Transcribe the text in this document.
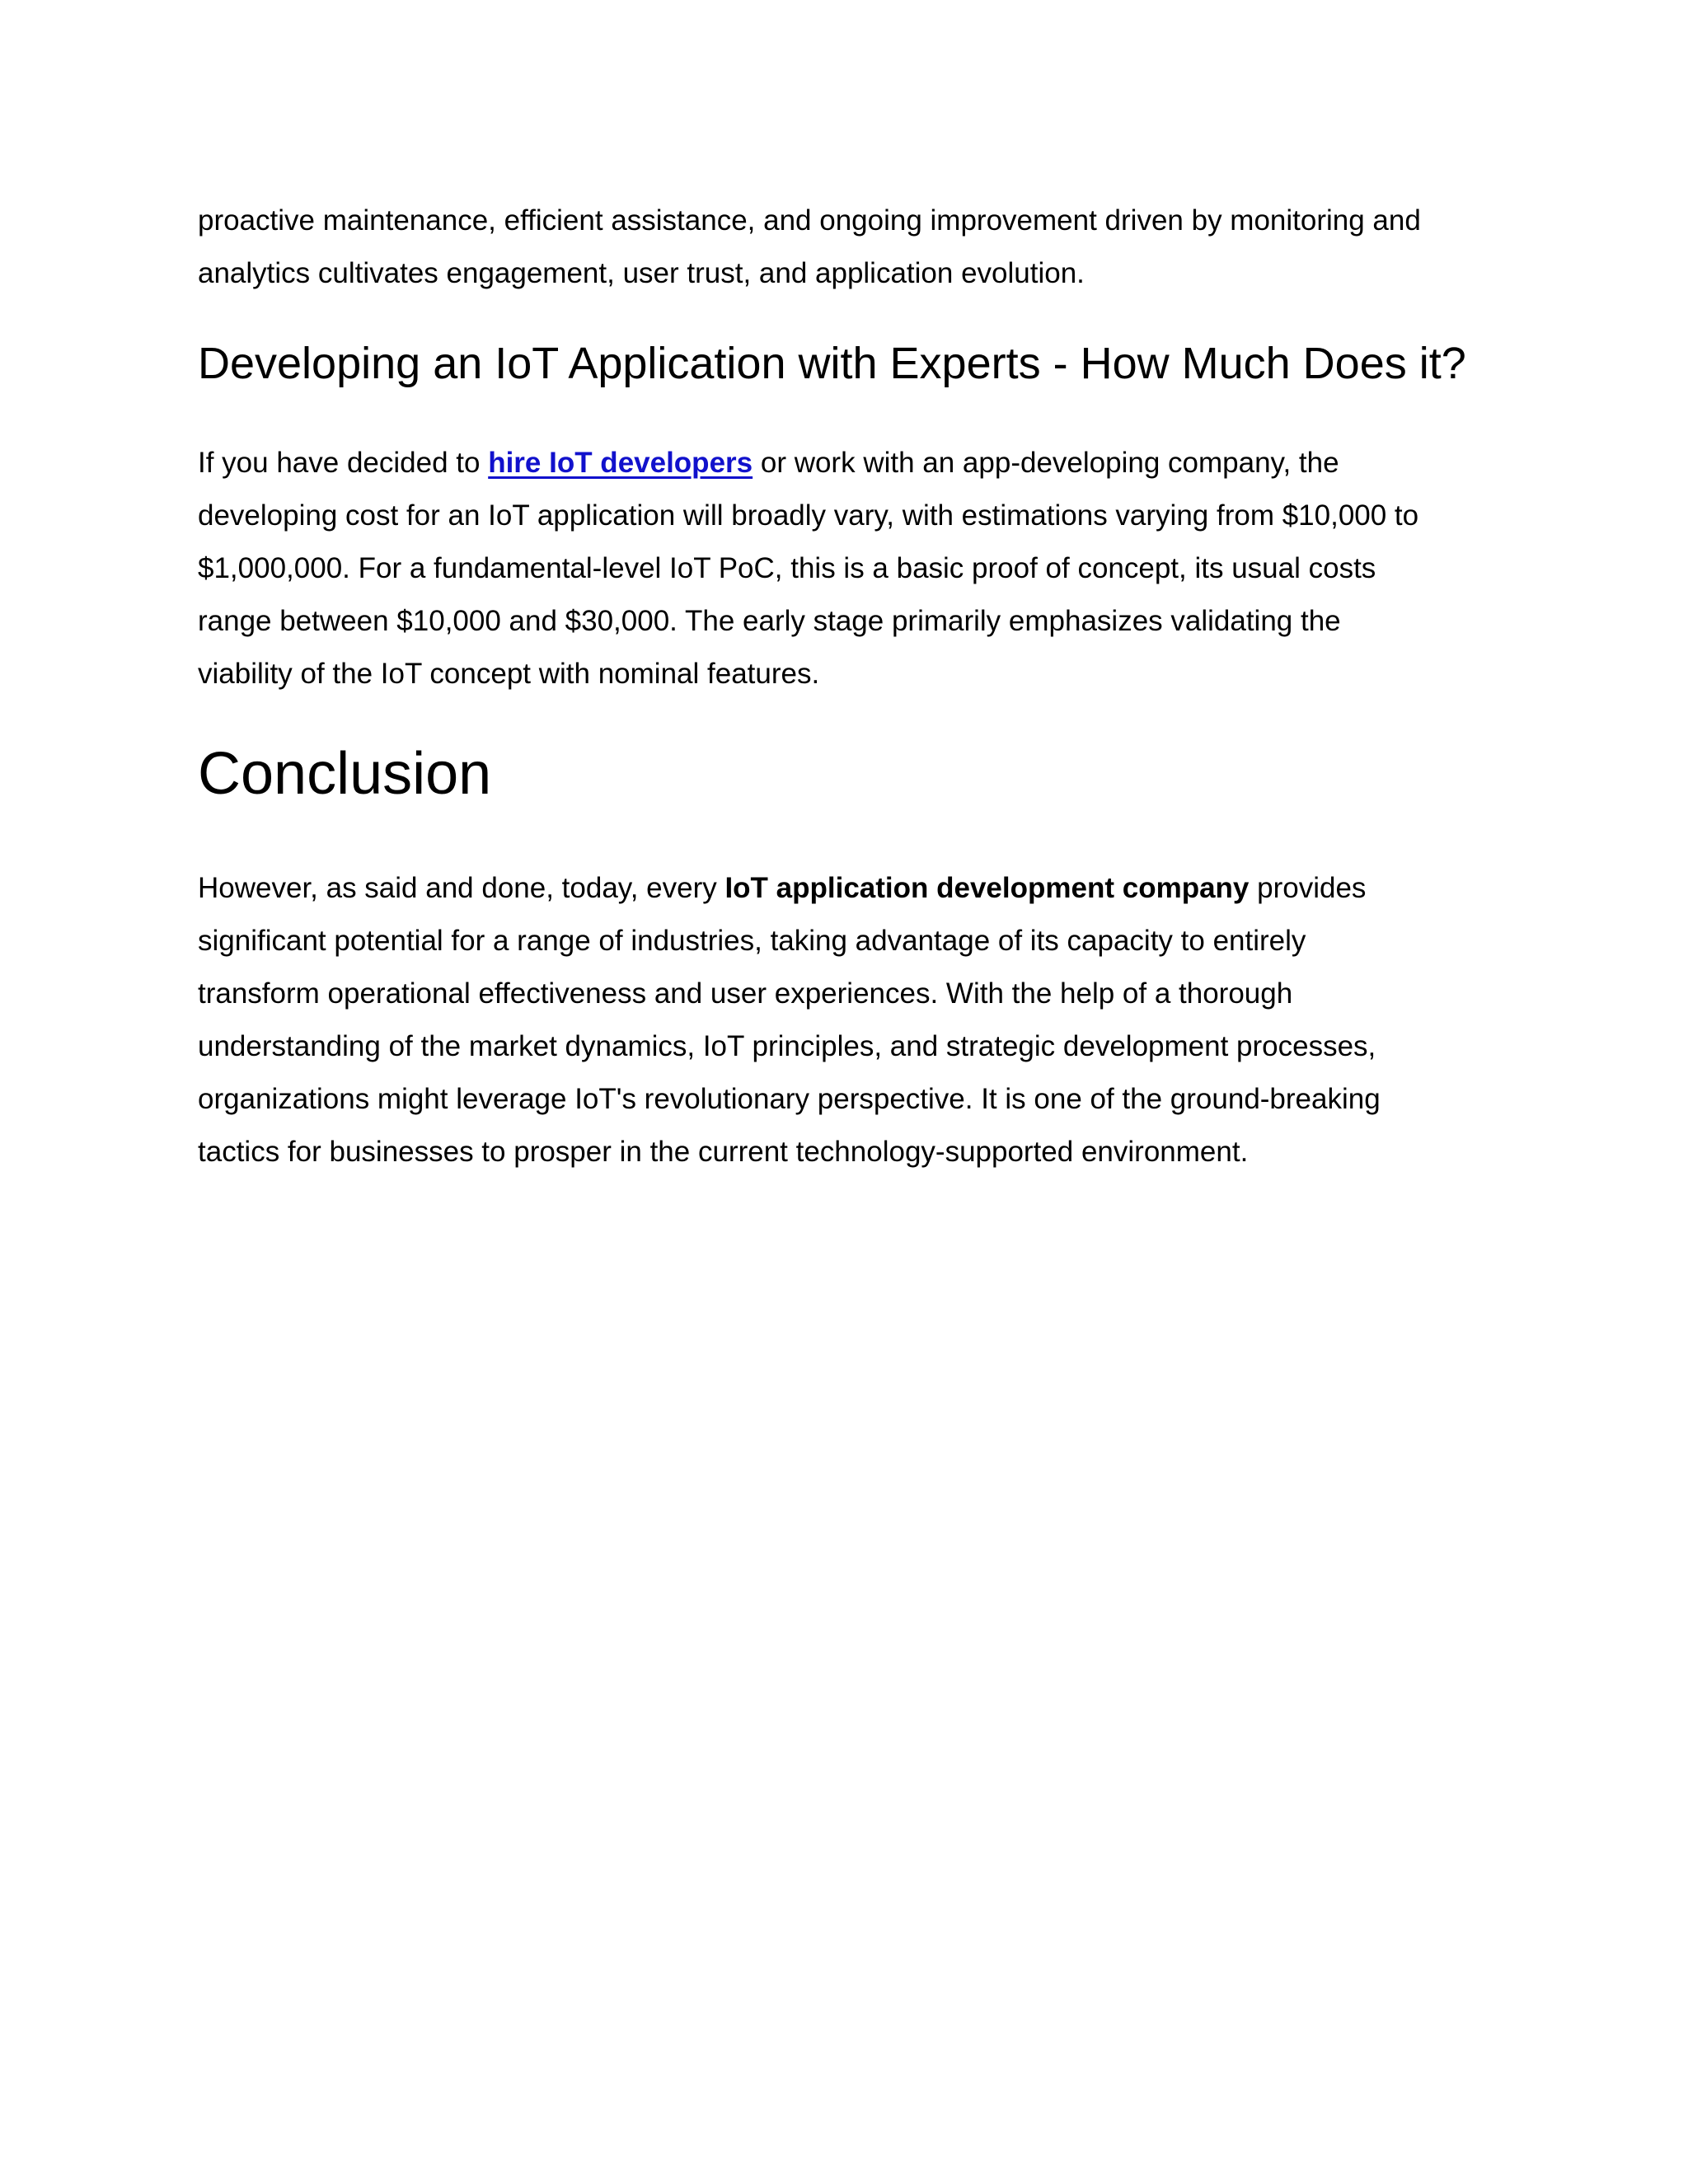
proactive maintenance, efficient assistance, and ongoing improvement driven by monitoring and
analytics cultivates engagement, user trust, and application evolution.

Developing an IoT Application with Experts - How Much Does it?

If you have decided to hire IoT developers or work with an app-developing company, the
developing cost for an IoT application will broadly vary, with estimations varying from $10,000 to
$1,000,000. For a fundamental-level IoT PoC, this is a basic proof of concept, its usual costs
range between $10,000 and $30,000. The early stage primarily emphasizes validating the
viability of the IoT concept with nominal features.

Conclusion

However, as said and done, today, every IoT application development company provides
significant potential for a range of industries, taking advantage of its capacity to entirely
transform operational effectiveness and user experiences. With the help of a thorough
understanding of the market dynamics, IoT principles, and strategic development processes,
organizations might leverage IoT's revolutionary perspective. It is one of the ground-breaking
tactics for businesses to prosper in the current technology-supported environment.
